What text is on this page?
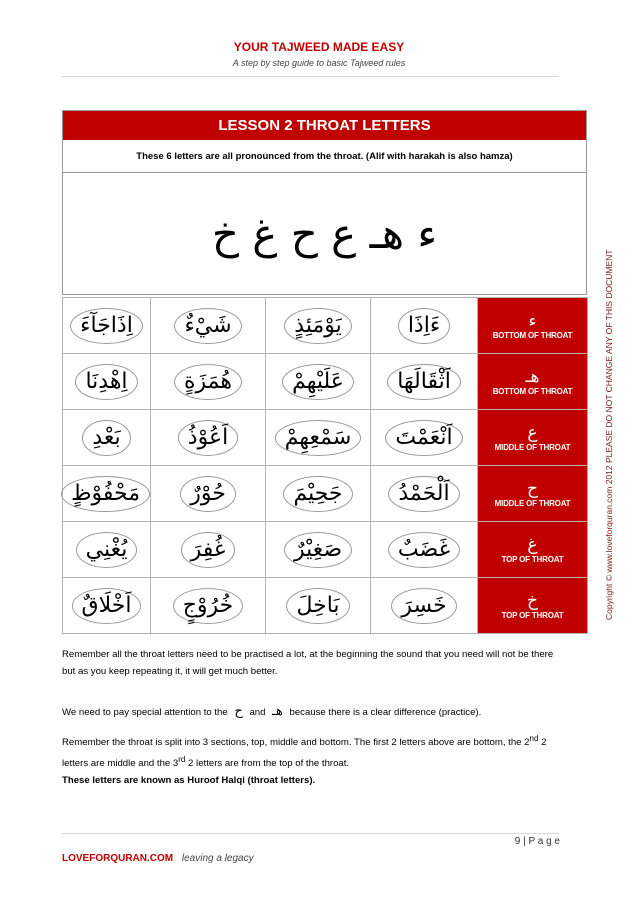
YOUR TAJWEED MADE EASY
A step by step guide to basic Tajweed rules
LESSON 2 THROAT LETTERS
These 6 letters are all pronounced from the throat. (Alif with harakah is also hamza)
ء هـ ع ح غ خ
اِذَاجَآءَ	شَيْءٌ	يَوْمَئِذٍ	ءَاِذَا	ء
BOTTOM OF THROAT

اِهْدِنَا	هُمَزَةٍ	عَلَيْهِمْ	اَثْقَالَهَا	هـ
BOTTOM OF THROAT

بَعْدِ	اَعُوْذُ	سَمْعِهِمْ	اَنْعَمْتَ	ع
MIDDLE OF THROAT

مَحْفُوْظٍ	حُوْرٌ	جَحِيْمَ	اَلْحَمْدُ	ح
MIDDLE OF THROAT

يُغْنِي	غُفِرَ	صَغِيْرٌ	غَضَبٌ	غ
TOP OF THROAT

اَخْلَاقٌ	خُرُوْجٍ	بَاخِلَ	خَسِرَ	خ
TOP OF THROAT	Copyright © www.loveforquran.com 2012 PLEASE DO NOT CHANGE ANY OF THIS DOCUMENT
Remember all the throat letters need to be practised a lot, at the beginning the sound that you need will not be there but as you keep repeating it, it will get much better.
We need to pay special attention to the ح and هـ because there is a clear difference (practice).
Remember the throat is split into 3 sections, top, middle and bottom. The first 2 letters above are bottom, the 2nd 2 letters are middle and the 3rd 2 letters are from the top of the throat.
These letters are known as Huroof Halqi (throat letters).
9 | P a g e
LOVEFORQURAN.COM leaving a legacy
